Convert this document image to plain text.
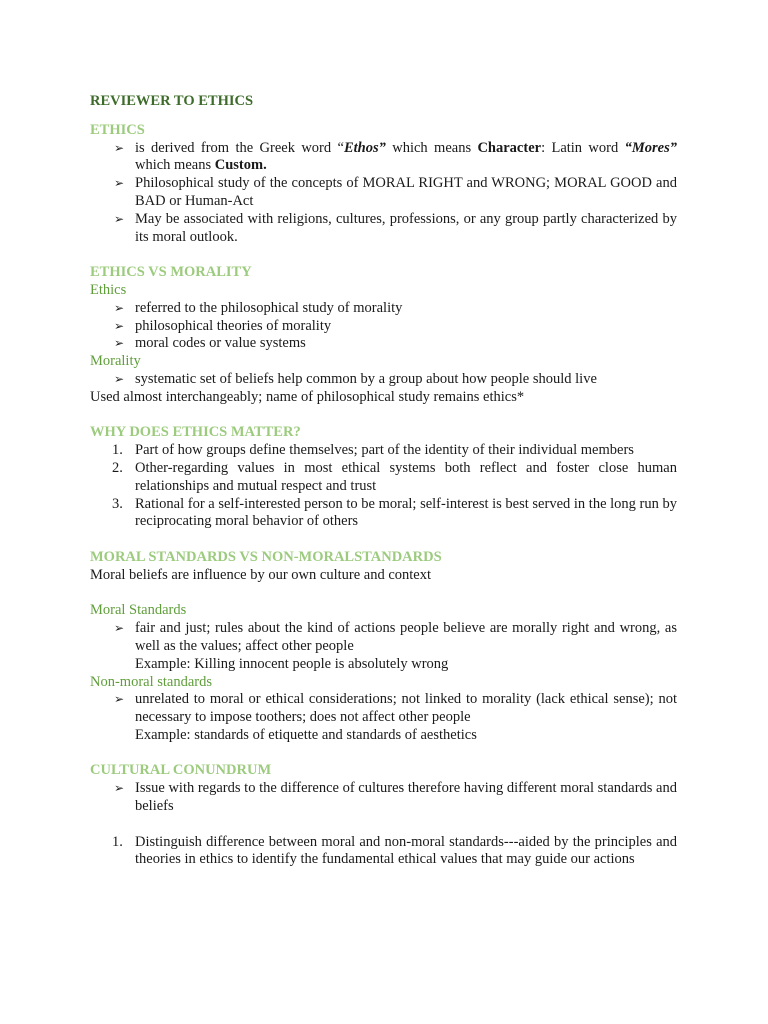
REVIEWER TO ETHICS

ETHICS

➢ is derived from the Greek word “Ethos” which means Character: Latin word “Mores” which means Custom.
➢ Philosophical study of the concepts of MORAL RIGHT and WRONG; MORAL GOOD and BAD or Human-Act
➢ May be associated with religions, cultures, professions, or any group partly characterized by its moral outlook.

ETHICS VS MORALITY

Ethics

➢ referred to the philosophical study of morality
➢ philosophical theories of morality
➢ moral codes or value systems

Morality

➢ systematic set of beliefs help common by a group about how people should live

Used almost interchangeably; name of philosophical study remains ethics*

WHY DOES ETHICS MATTER?

1. Part of how groups define themselves; part of the identity of their individual members
2. Other-regarding values in most ethical systems both reflect and foster close human relationships and mutual respect and trust
3. Rational for a self-interested person to be moral; self-interest is best served in the long run by reciprocating moral behavior of others

MORAL STANDARDS VS NON-MORALSTANDARDS

Moral beliefs are influence by our own culture and context

Moral Standards

➢ fair and just; rules about the kind of actions people believe are morally right and wrong, as well as the values; affect other people
Example: Killing innocent people is absolutely wrong

Non-moral standards

➢ unrelated to moral or ethical considerations; not linked to morality (lack ethical sense); not necessary to impose toothers; does not affect other people
Example: standards of etiquette and standards of aesthetics

CULTURAL CONUNDRUM

➢ Issue with regards to the difference of cultures therefore having different moral standards and beliefs
1. Distinguish difference between moral and non-moral standards---aided by the principles and theories in ethics to identify the fundamental ethical values that may guide our actions
